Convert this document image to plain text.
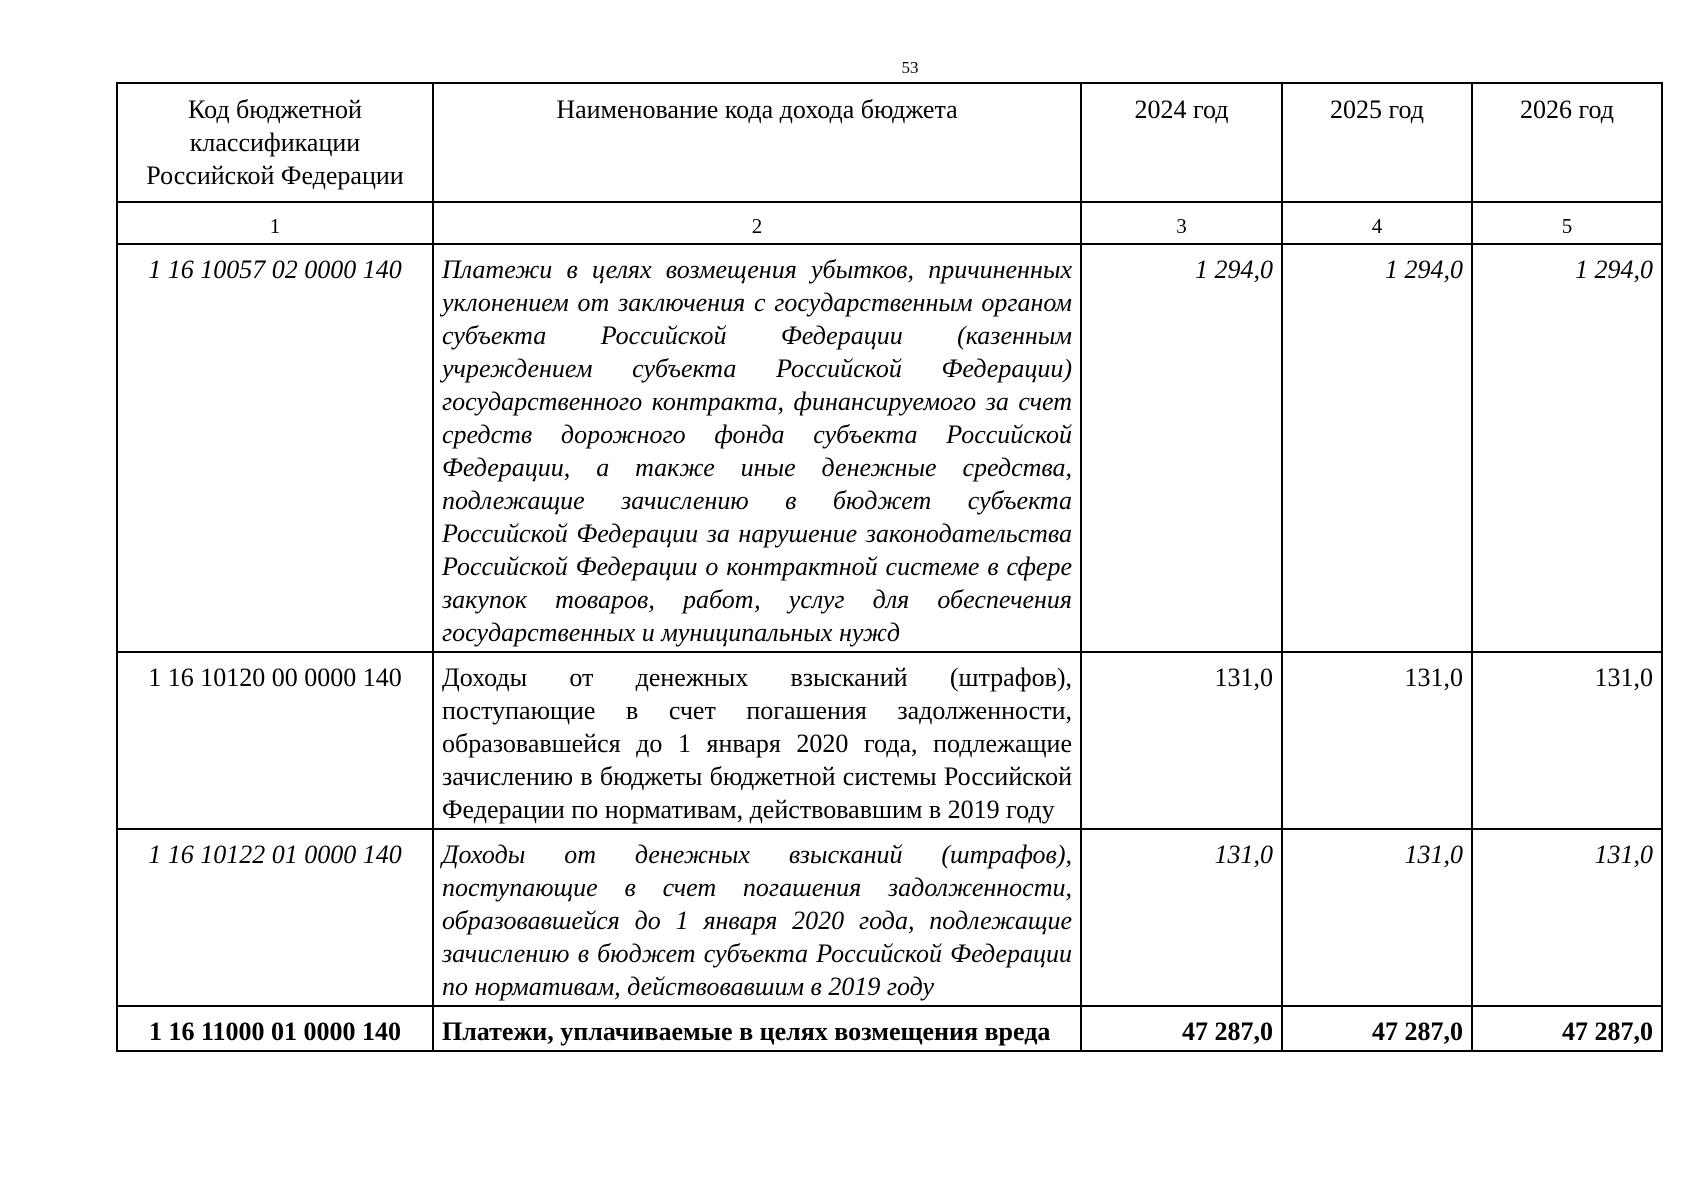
53
Код бюджетной классификации Российской Федерации	Наименование кода дохода бюджета	2024 год	2025 год	2026 год
1	2	3	4	5
1 16 10057 02 0000 140	Платежи в целях возмещения убытков, причиненных уклонением от заключения с государственным органом субъекта Российской Федерации (казенным учреждением субъекта Российской Федерации) государственного контракта, финансируемого за счет средств дорожного фонда субъекта Российской Федерации, а также иные денежные средства, подлежащие зачислению в бюджет субъекта Российской Федерации за нарушение законодательства Российской Федерации о контрактной системе в сфере закупок товаров, работ, услуг для обеспечения государственных и муниципальных нужд	1 294,0	1 294,0	1 294,0
1 16 10120 00 0000 140	Доходы от денежных взысканий (штрафов), поступающие в счет погашения задолженности, образовавшейся до 1 января 2020 года, подлежащие зачислению в бюджеты бюджетной системы Российской Федерации по нормативам, действовавшим в 2019 году	131,0	131,0	131,0
1 16 10122 01 0000 140	Доходы от денежных взысканий (штрафов), поступающие в счет погашения задолженности, образовавшейся до 1 января 2020 года, подлежащие зачислению в бюджет субъекта Российской Федерации по нормативам, действовавшим в 2019 году	131,0	131,0	131,0
1 16 11000 01 0000 140	Платежи, уплачиваемые в целях возмещения вреда	47 287,0	47 287,0	47 287,0
